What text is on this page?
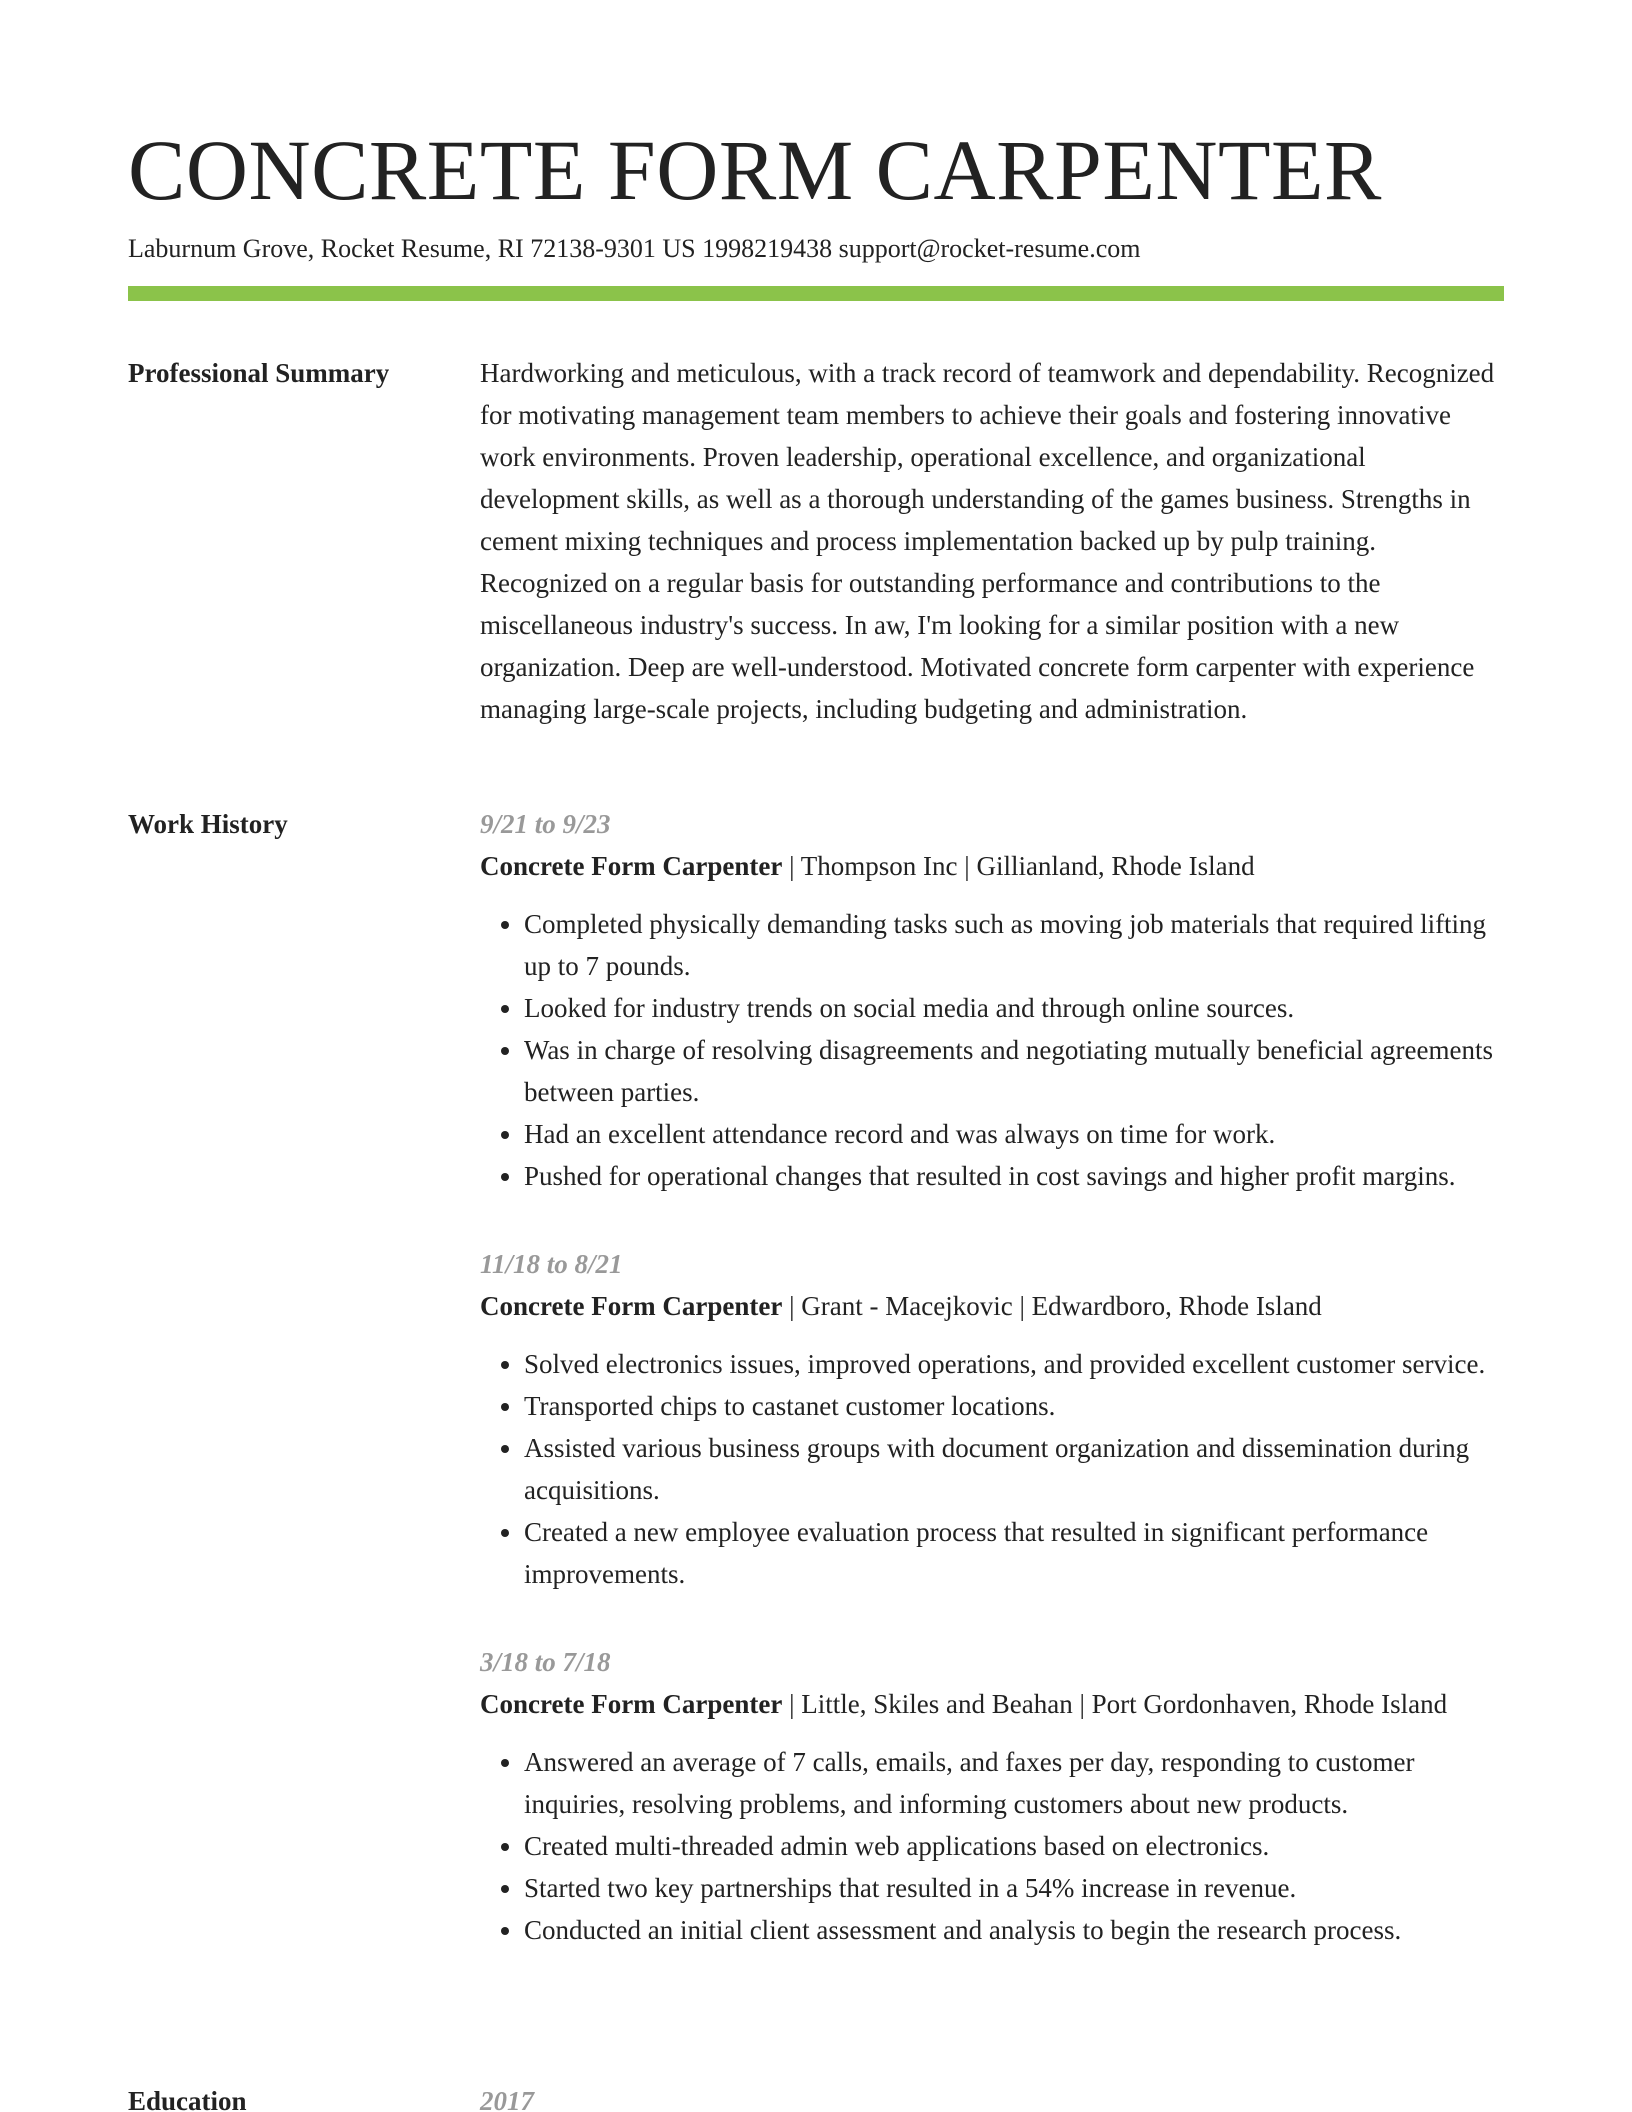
CONCRETE FORM CARPENTER
Laburnum Grove, Rocket Resume, RI 72138-9301 US 1998219438 support@rocket-resume.com
Professional Summary	Hardworking and meticulous, with a track record of teamwork and dependability. Recognized for motivating management team members to achieve their goals and fostering innovative work environments. Proven leadership, operational excellence, and organizational development skills, as well as a thorough understanding of the games business. Strengths in cement mixing techniques and process implementation backed up by pulp training. Recognized on a regular basis for outstanding performance and contributions to the miscellaneous industry's success. In aw, I'm looking for a similar position with a new organization. Deep are well-understood. Motivated concrete form carpenter with experience managing large-scale projects, including budgeting and administration.

Work History	9/21 to 9/23
Concrete Form Carpenter | Thompson Inc | Gillianland, Rhode Island
• Completed physically demanding tasks such as moving job materials that required lifting up to 7 pounds.
• Looked for industry trends on social media and through online sources.
• Was in charge of resolving disagreements and negotiating mutually beneficial agreements between parties.
• Had an excellent attendance record and was always on time for work.
• Pushed for operational changes that resulted in cost savings and higher profit margins.
11/18 to 8/21
Concrete Form Carpenter | Grant - Macejkovic | Edwardboro, Rhode Island
• Solved electronics issues, improved operations, and provided excellent customer service.
• Transported chips to castanet customer locations.
• Assisted various business groups with document organization and dissemination during acquisitions.
• Created a new employee evaluation process that resulted in significant performance improvements.
3/18 to 7/18
Concrete Form Carpenter | Little, Skiles and Beahan | Port Gordonhaven, Rhode Island
• Answered an average of 7 calls, emails, and faxes per day, responding to customer inquiries, resolving problems, and informing customers about new products.
• Created multi-threaded admin web applications based on electronics.
• Started two key partnerships that resulted in a 54% increase in revenue.
• Conducted an initial client assessment and analysis to begin the research process.
Education	2017
